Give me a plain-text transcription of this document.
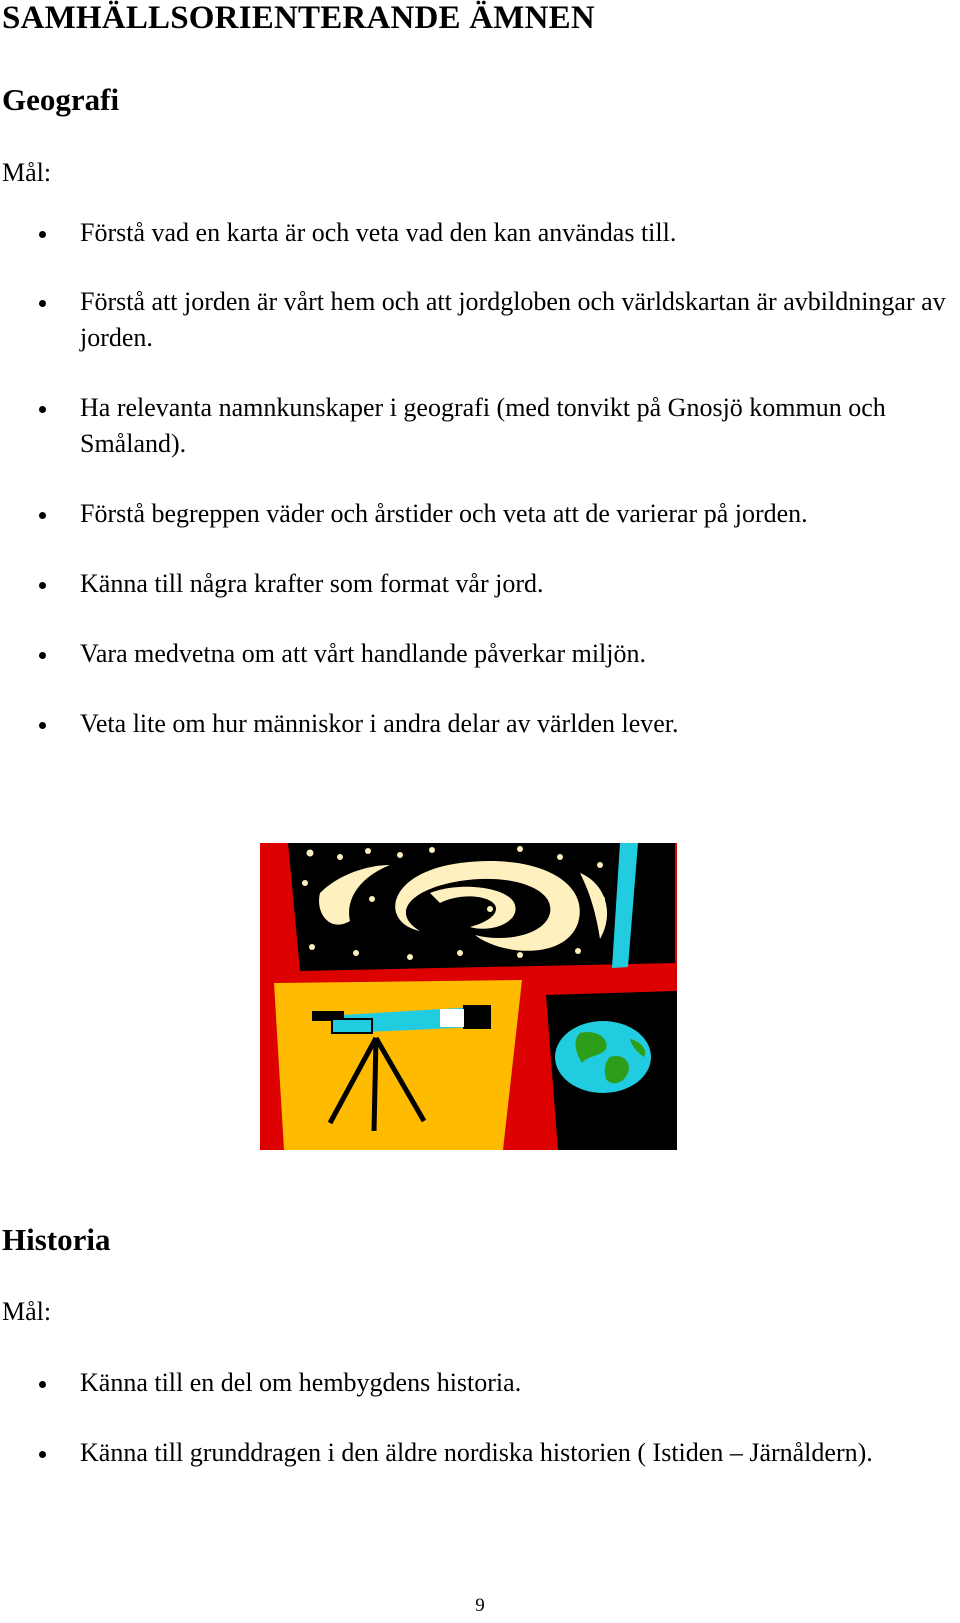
SAMHÄLLSORIENTERANDE ÄMNEN
Geografi
Mål:
Förstå vad en karta är och veta vad den kan användas till.
Förstå att jorden är vårt hem och att jordgloben och världskartan är avbildningar av jorden.
Ha relevanta namnkunskaper i geografi (med tonvikt på Gnosjö kommun och Småland).
Förstå begreppen väder och årstider och veta att de varierar på jorden.
Känna till några krafter som format vår jord.
Vara medvetna om att vårt handlande påverkar miljön.
Veta lite om hur människor i andra delar av världen lever.
Historia
Mål:
Känna till en del om hembygdens historia.
Känna till grunddragen i den äldre nordiska historien ( Istiden – Järnåldern).
9
